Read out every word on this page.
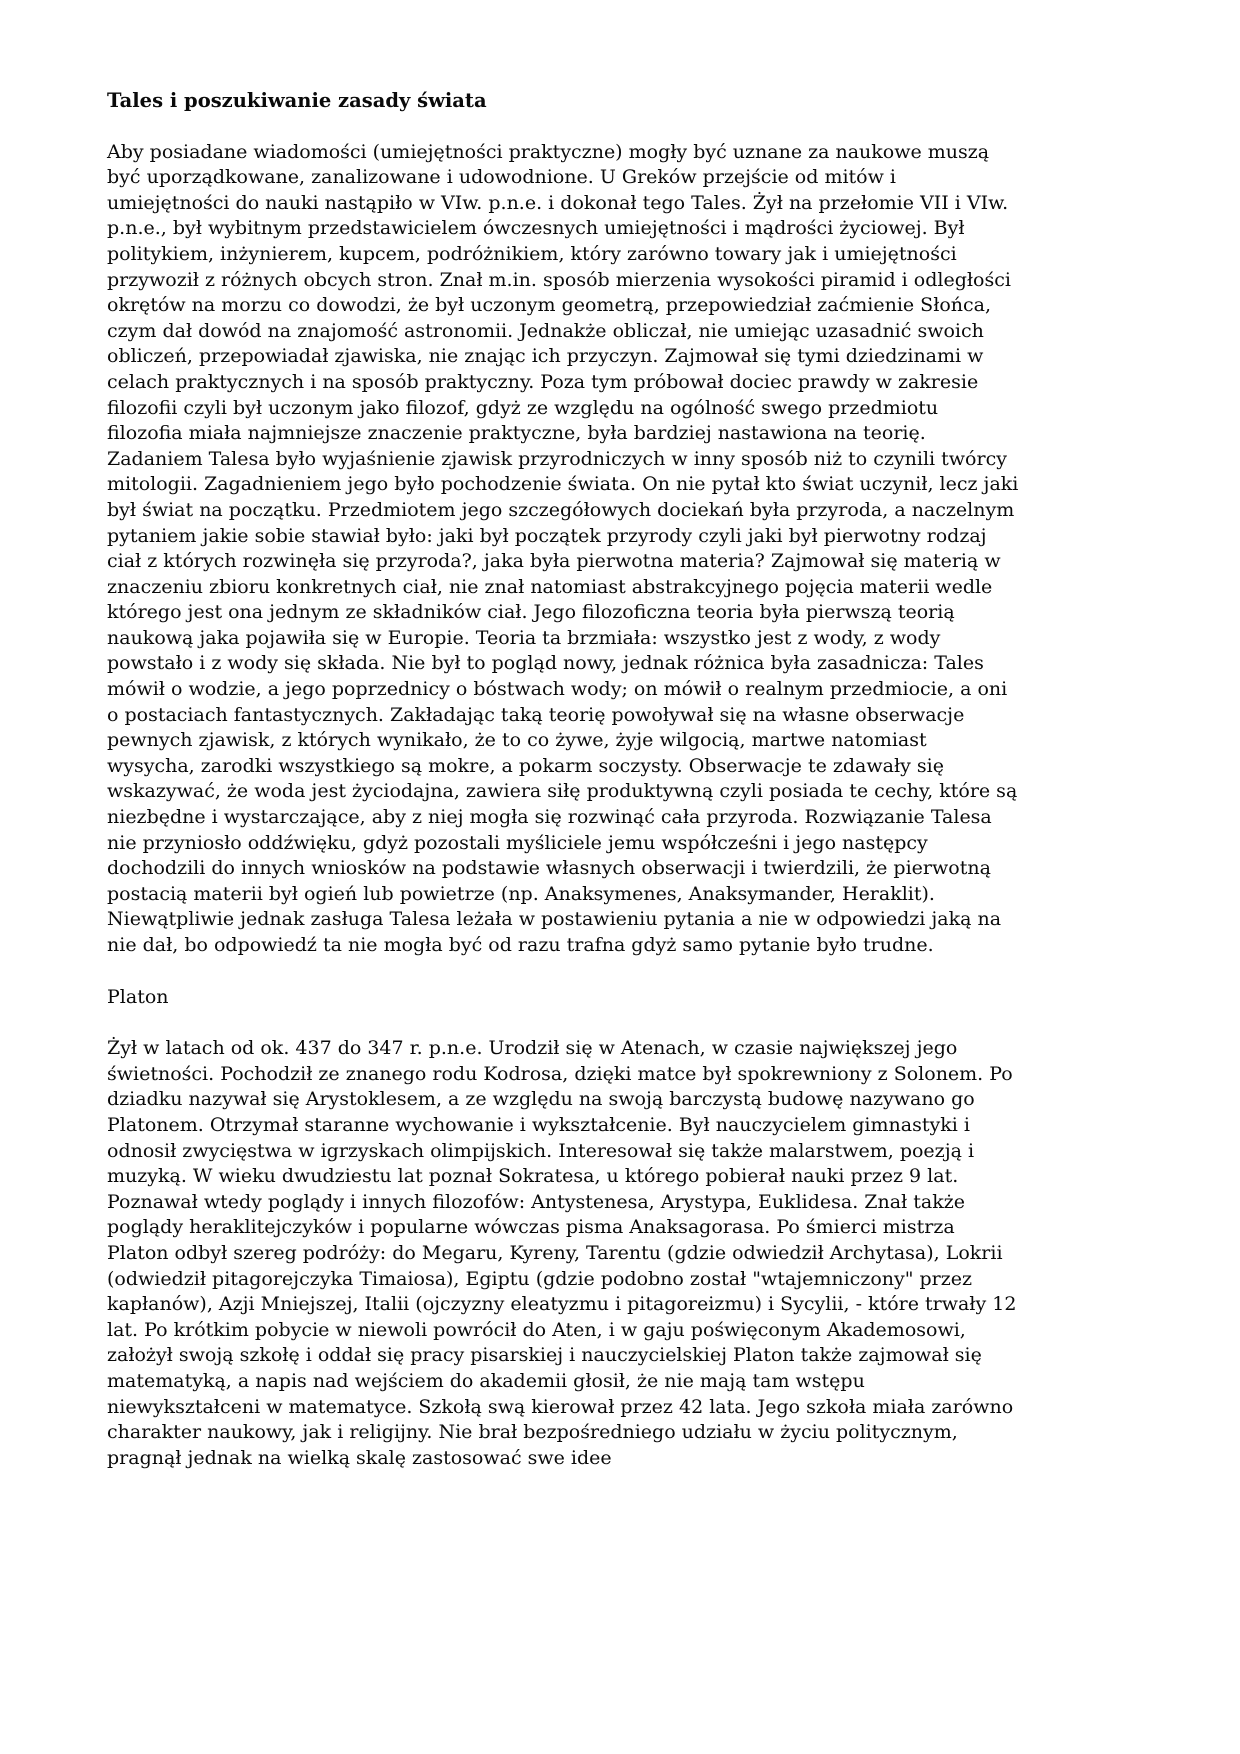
Tales i poszukiwanie zasady świata

Aby posiadane wiadomości (umiejętności praktyczne) mogły być uznane za naukowe muszą być uporządkowane, zanalizowane i udowodnione. U Greków przejście od mitów i umiejętności do nauki nastąpiło w VIw. p.n.e. i dokonał tego Tales. Żył na przełomie VII i VIw. p.n.e., był wybitnym przedstawicielem ówczesnych umiejętności i mądrości życiowej. Był politykiem, inżynierem, kupcem, podróżnikiem, który zarówno towary jak i umiejętności przywoził z różnych obcych stron. Znał m.in. sposób mierzenia wysokości piramid i odległości okrętów na morzu co dowodzi, że był uczonym geometrą, przepowiedział zaćmienie Słońca, czym dał dowód na znajomość astronomii. Jednakże obliczał, nie umiejąc uzasadnić swoich obliczeń, przepowiadał zjawiska, nie znając ich przyczyn. Zajmował się tymi dziedzinami w celach praktycznych i na sposób praktyczny. Poza tym próbował dociec prawdy w zakresie filozofii czyli był uczonym jako filozof, gdyż ze względu na ogólność swego przedmiotu filozofia miała najmniejsze znaczenie praktyczne, była bardziej nastawiona na teorię. Zadaniem Talesa było wyjaśnienie zjawisk przyrodniczych w inny sposób niż to czynili twórcy mitologii. Zagadnieniem jego było pochodzenie świata. On nie pytał kto świat uczynił, lecz jaki był świat na początku. Przedmiotem jego szczegółowych dociekań była przyroda, a naczelnym pytaniem jakie sobie stawiał było: jaki był początek przyrody czyli jaki był pierwotny rodzaj ciał z których rozwinęła się przyroda?, jaka była pierwotna materia? Zajmował się materią w znaczeniu zbioru konkretnych ciał, nie znał natomiast abstrakcyjnego pojęcia materii wedle którego jest ona jednym ze składników ciał. Jego filozoficzna teoria była pierwszą teorią naukową jaka pojawiła się w Europie. Teoria ta brzmiała: wszystko jest z wody, z wody powstało i z wody się składa. Nie był to pogląd nowy, jednak różnica była zasadnicza: Tales mówił o wodzie, a jego poprzednicy o bóstwach wody; on mówił o realnym przedmiocie, a oni o postaciach fantastycznych. Zakładając taką teorię powoływał się na własne obserwacje pewnych zjawisk, z których wynikało, że to co żywe, żyje wilgocią, martwe natomiast wysycha, zarodki wszystkiego są mokre, a pokarm soczysty. Obserwacje te zdawały się wskazywać, że woda jest życiodajna, zawiera siłę produktywną czyli posiada te cechy, które są niezbędne i wystarczające, aby z niej mogła się rozwinąć cała przyroda. Rozwiązanie Talesa nie przyniosło oddźwięku, gdyż pozostali myśliciele jemu współcześni i jego następcy dochodzili do innych wniosków na podstawie własnych obserwacji i twierdzili, że pierwotną postacią materii był ogień lub powietrze (np. Anaksymenes, Anaksymander, Heraklit). Niewątpliwie jednak zasługa Talesa leżała w postawieniu pytania a nie w odpowiedzi jaką na nie dał, bo odpowiedź ta nie mogła być od razu trafna gdyż samo pytanie było trudne.

Platon

Żył w latach od ok. 437 do 347 r. p.n.e. Urodził się w Atenach, w czasie największej jego świetności. Pochodził ze znanego rodu Kodrosa, dzięki matce był spokrewniony z Solonem. Po dziadku nazywał się Arystoklesem, a ze względu na swoją barczystą budowę nazywano go Platonem. Otrzymał staranne wychowanie i wykształcenie. Był nauczycielem gimnastyki i odnosił zwycięstwa w igrzyskach olimpijskich. Interesował się także malarstwem, poezją i muzyką. W wieku dwudziestu lat poznał Sokratesa, u którego pobierał nauki przez 9 lat. Poznawał wtedy poglądy i innych filozofów: Antystenesa, Arystypa, Euklidesa. Znał także poglądy heraklitejczyków i popularne wówczas pisma Anaksagorasa. Po śmierci mistrza Platon odbył szereg podróży: do Megaru, Kyreny, Tarentu (gdzie odwiedził Archytasa), Lokrii (odwiedził pitagorejczyka Timaiosa), Egiptu (gdzie podobno został "wtajemniczony" przez kapłanów), Azji Mniejszej, Italii (ojczyzny eleatyzmu i pitagoreizmu) i Sycylii, - które trwały 12 lat. Po krótkim pobycie w niewoli powrócił do Aten, i w gaju poświęconym Akademosowi, założył swoją szkołę i oddał się pracy pisarskiej i nauczycielskiej Platon także zajmował się matematyką, a napis nad wejściem do akademii głosił, że nie mają tam wstępu niewykształceni w matematyce. Szkołą swą kierował przez 42 lata. Jego szkoła miała zarówno charakter naukowy, jak i religijny. Nie brał bezpośredniego udziału w życiu politycznym, pragnął jednak na wielką skalę zastosować swe idee
